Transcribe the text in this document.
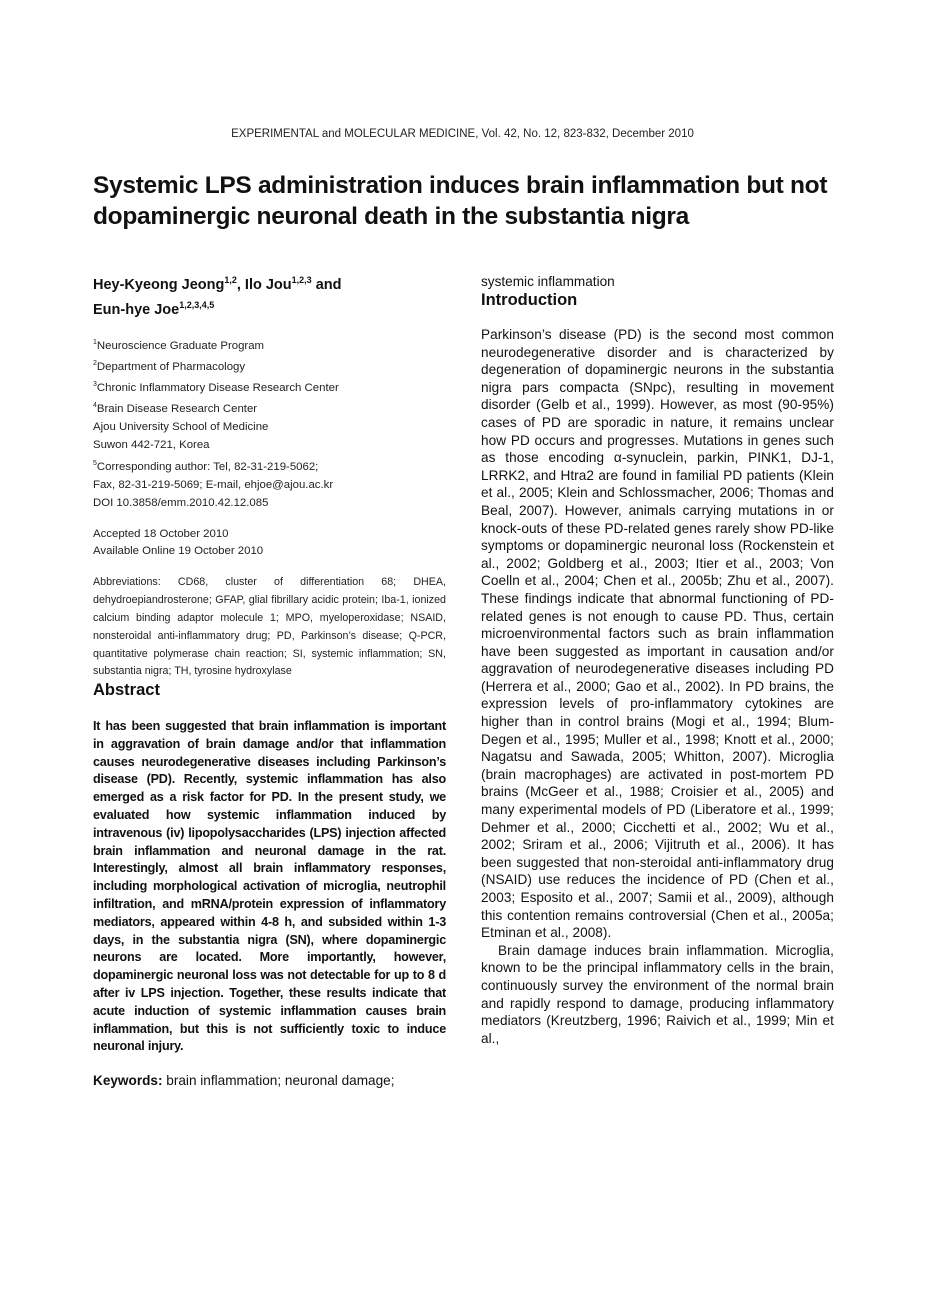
EXPERIMENTAL and MOLECULAR MEDICINE, Vol. 42, No. 12, 823-832, December 2010
Systemic LPS administration induces brain inflammation but not dopaminergic neuronal death in the substantia nigra

Hey-Kyeong Jeong$^{1,2}$, Ilo Jou$^{1,2,3}$ and
Eun-hye Joe$^{1,2,3,4,5}$

$^1$Neuroscience Graduate Program
$^2$Department of Pharmacology
$^3$Chronic Inflammatory Disease Research Center
$^4$Brain Disease Research Center
Ajou University School of Medicine
Suwon 442-721, Korea
$^5$Corresponding author: Tel, 82-31-219-5062;
Fax, 82-31-219-5069; E-mail, ehjoe@ajou.ac.kr
DOI 10.3858/emm.2010.42.12.085
Accepted 18 October 2010
Available Online 19 October 2010
Abbreviations: CD68, cluster of differentiation 68; DHEA, dehydroepiandrosterone; GFAP, glial fibrillary acidic protein; Iba-1, ionized calcium binding adaptor molecule 1; MPO, myeloperoxidase; NSAID, nonsteroidal anti-inflammatory drug; PD, Parkinson’s disease; Q-PCR, quantitative polymerase chain reaction; SI, systemic inflammation; SN, substantia nigra; TH, tyrosine hydroxylase
Abstract
It has been suggested that brain inflammation is important in aggravation of brain damage and/or that inflammation causes neurodegenerative diseases including Parkinson’s disease (PD). Recently, systemic inflammation has also emerged as a risk factor for PD. In the present study, we evaluated how systemic inflammation induced by intravenous (iv) lipopolysaccharides (LPS) injection affected brain inflammation and neuronal damage in the rat. Interestingly, almost all brain inflammatory responses, including morphological activation of microglia, neutrophil infiltration, and mRNA/protein expression of inflammatory mediators, appeared within 4-8 h, and subsided within 1-3 days, in the substantia nigra (SN), where dopaminergic neurons are located. More importantly, however, dopaminergic neuronal loss was not detectable for up to 8 d after iv LPS injection. Together, these results indicate that acute induction of systemic inflammation causes brain inflammation, but this is not sufficiently toxic to induce neuronal injury.
Keywords: brain inflammation; neuronal damage;

systemic inflammation

Introduction

Parkinson’s disease (PD) is the second most common neurodegenerative disorder and is characterized by degeneration of dopaminergic neurons in the substantia nigra pars compacta (SNpc), resulting in movement disorder (Gelb et al., 1999). However, as most (90-95%) cases of PD are sporadic in nature, it remains unclear how PD occurs and progresses. Mutations in genes such as those encoding α-synuclein, parkin, PINK1, DJ-1, LRRK2, and Htra2 are found in familial PD patients (Klein et al., 2005; Klein and Schlossmacher, 2006; Thomas and Beal, 2007). However, animals carrying mutations in or knock-outs of these PD-related genes rarely show PD-like symptoms or dopaminergic neuronal loss (Rockenstein et al., 2002; Goldberg et al., 2003; Itier et al., 2003; Von Coelln et al., 2004; Chen et al., 2005b; Zhu et al., 2007). These findings indicate that abnormal functioning of PD-related genes is not enough to cause PD. Thus, certain microenvironmental factors such as brain inflammation have been suggested as important in causation and/or aggravation of neurodegenerative diseases including PD (Herrera et al., 2000; Gao et al., 2002). In PD brains, the expression levels of pro-inflammatory cytokines are higher than in control brains (Mogi et al., 1994; Blum-Degen et al., 1995; Muller et al., 1998; Knott et al., 2000; Nagatsu and Sawada, 2005; Whitton, 2007). Microglia (brain macrophages) are activated in post-mortem PD brains (McGeer et al., 1988; Croisier et al., 2005) and many experimental models of PD (Liberatore et al., 1999; Dehmer et al., 2000; Cicchetti et al., 2002; Wu et al., 2002; Sriram et al., 2006; Vijitruth et al., 2006). It has been suggested that non-steroidal anti-inflammatory drug (NSAID) use reduces the incidence of PD (Chen et al., 2003; Esposito et al., 2007; Samii et al., 2009), although this contention remains controversial (Chen et al., 2005a; Etminan et al., 2008).

Brain damage induces brain inflammation. Microglia, known to be the principal inflammatory cells in the brain, continuously survey the environment of the normal brain and rapidly respond to damage, producing inflammatory mediators (Kreutzberg, 1996; Raivich et al., 1999; Min et al.,
